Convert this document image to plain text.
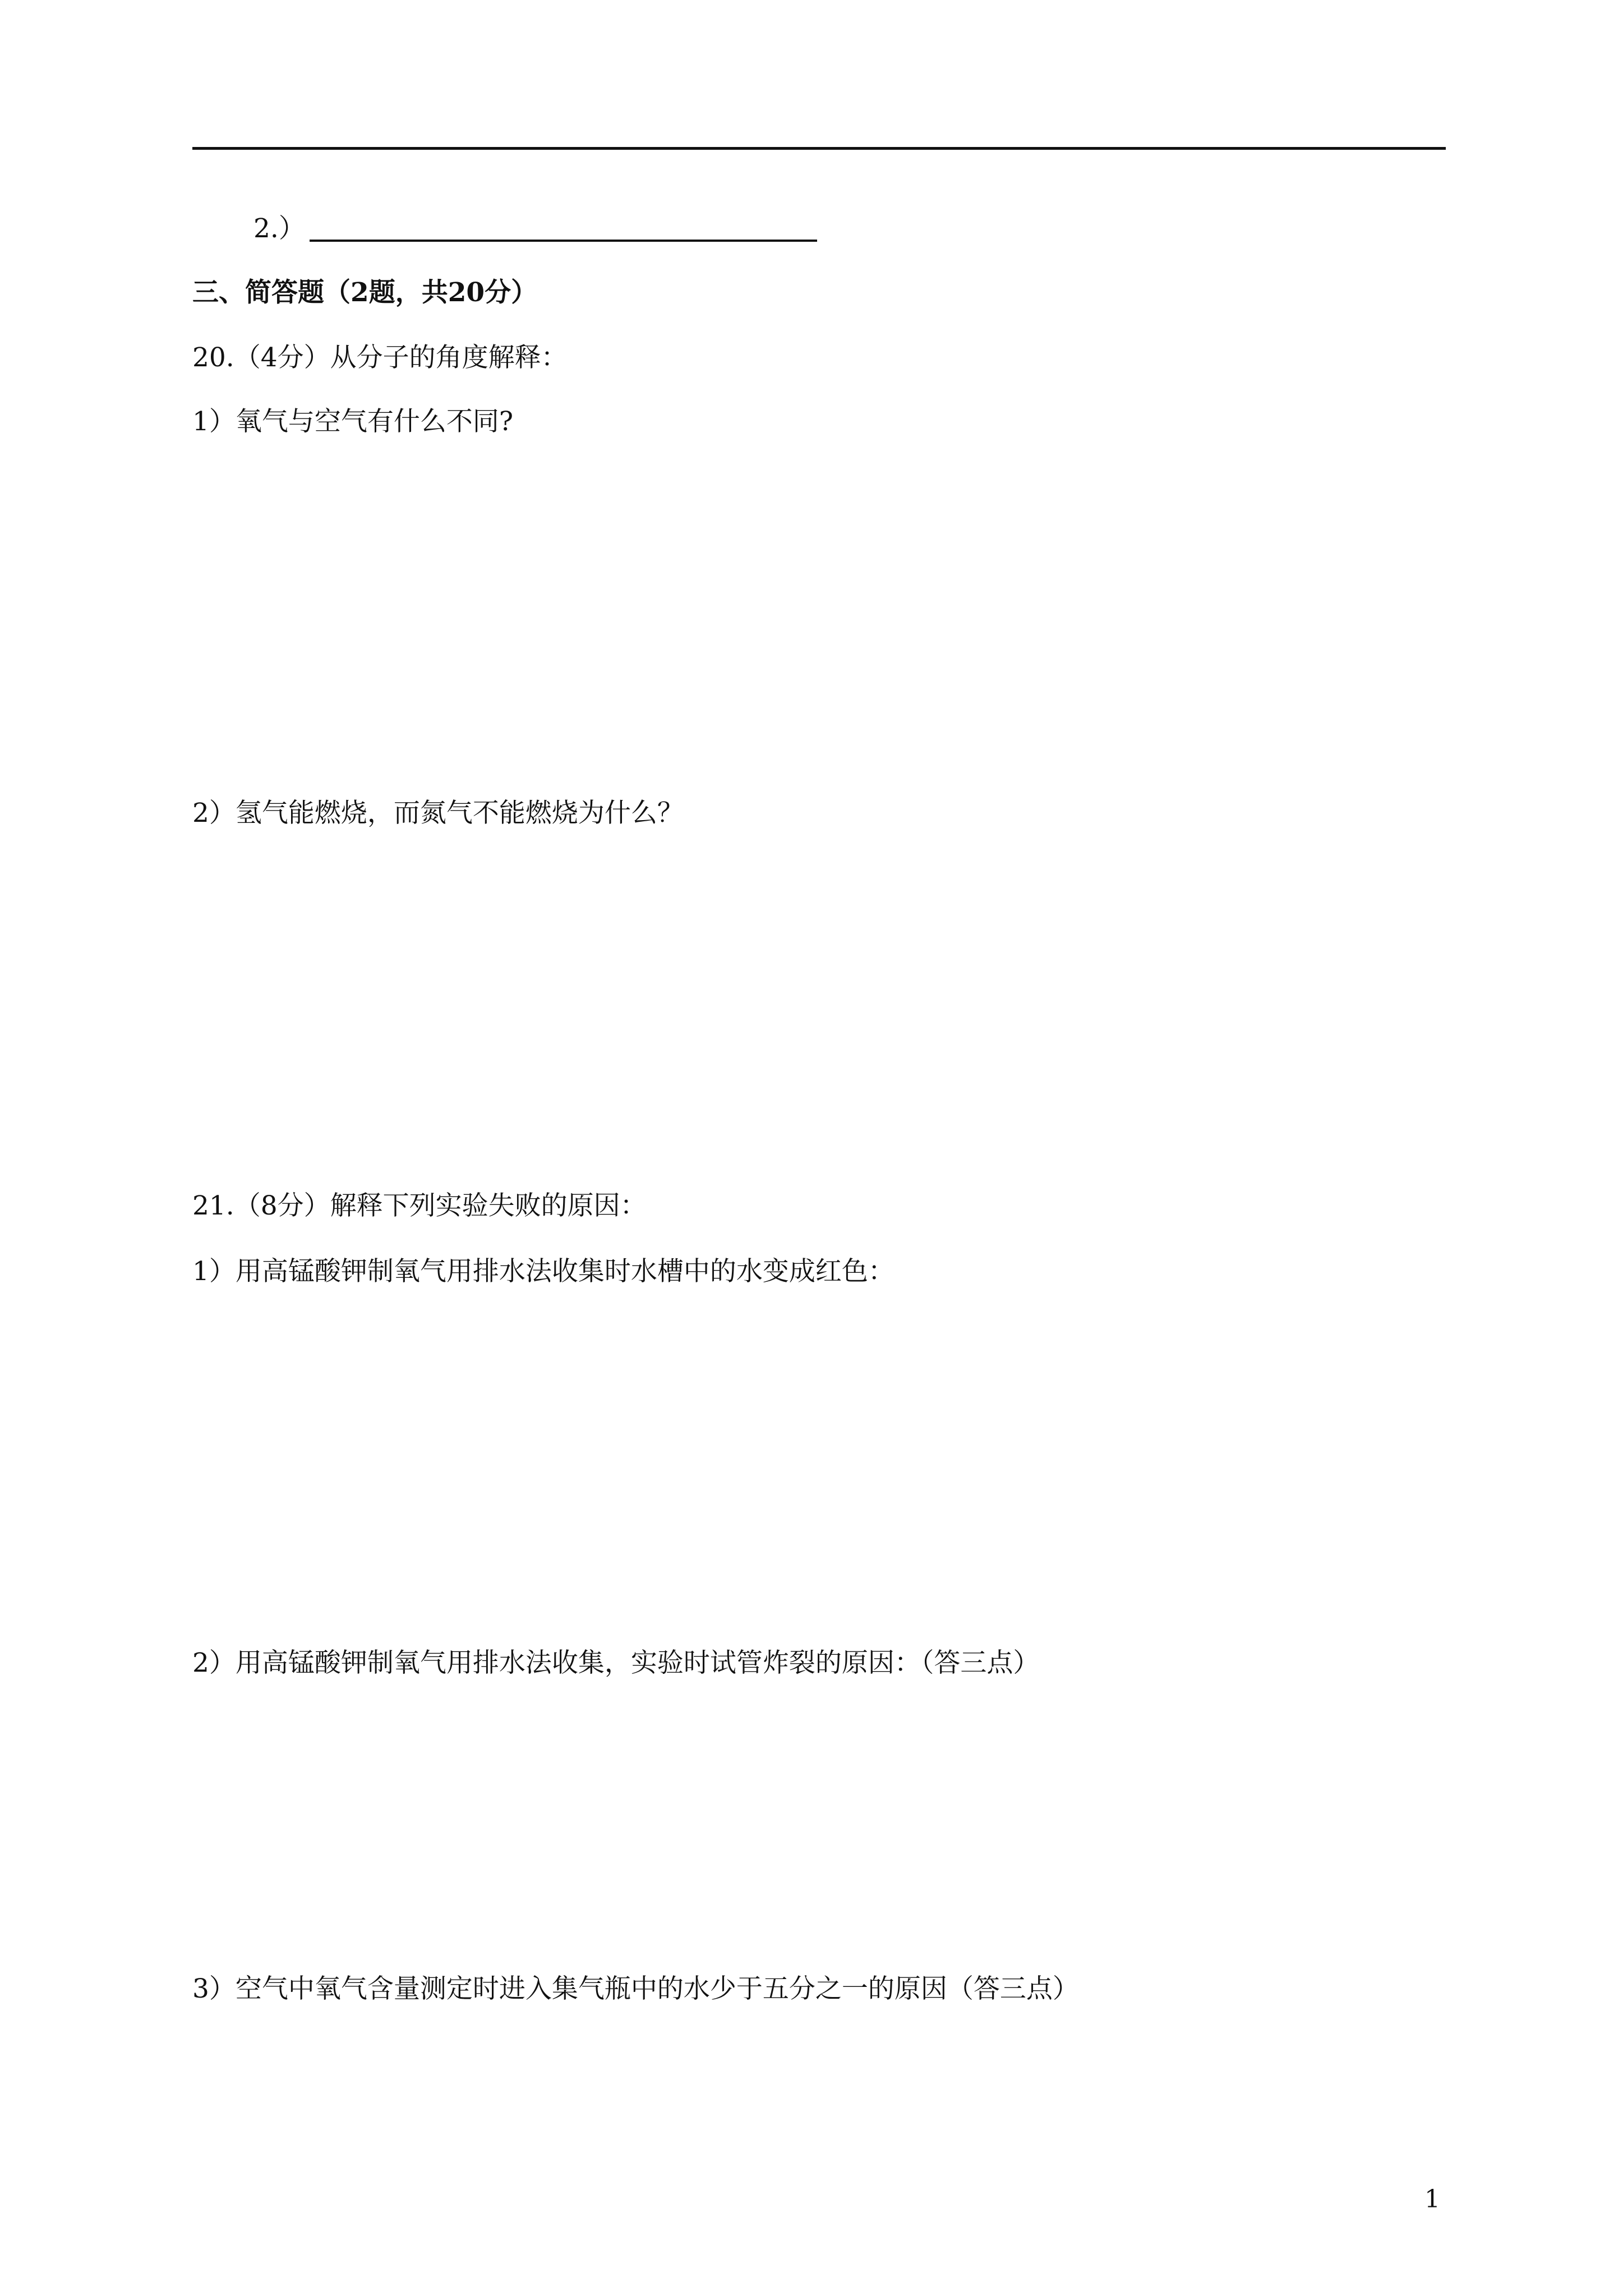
2.）
三、简答题（2题，共20分）
20.（4分）从分子的角度解释：
1）氧气与空气有什么不同?
2）氢气能燃烧，而氮气不能燃烧为什么？
21.（8分）解释下列实验失败的原因：
1）用高锰酸钾制氧气用排水法收集时水槽中的水变成红色：
2）用高锰酸钾制氧气用排水法收集，实验时试管炸裂的原因：（答三点）
3）空气中氧气含量测定时进入集气瓶中的水少于五分之一的原因（答三点）
1
